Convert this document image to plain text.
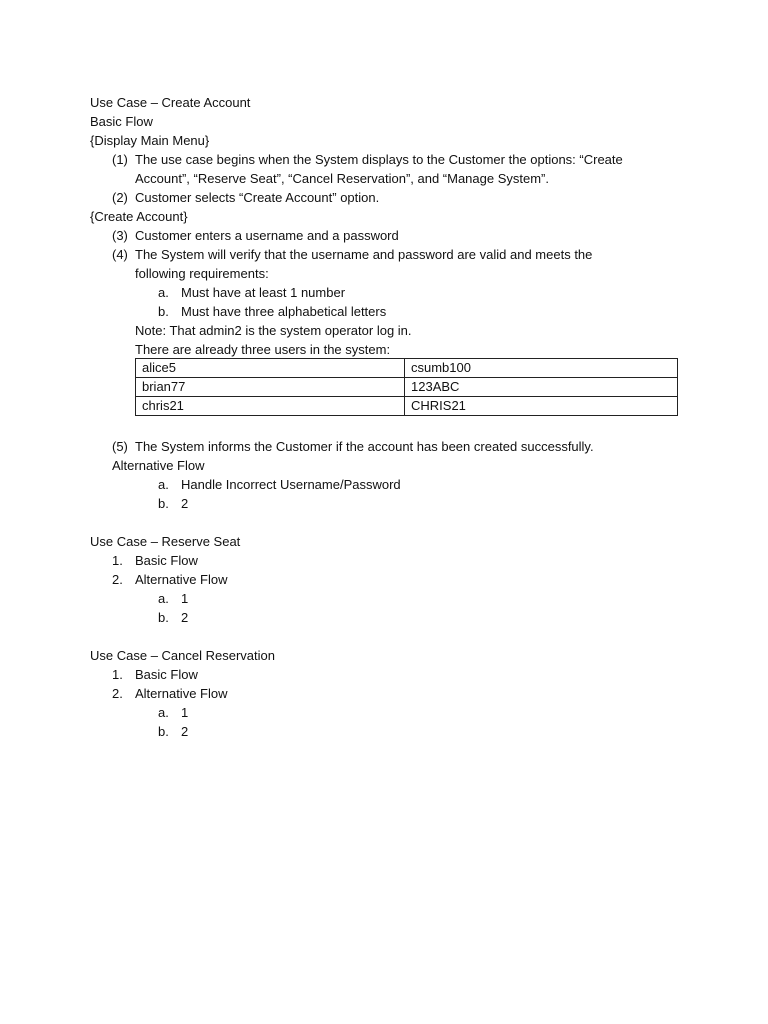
Use Case – Create Account
Basic Flow
{Display Main Menu}
(1) The use case begins when the System displays to the Customer the options: “Create
Account”, “Reserve Seat”, “Cancel Reservation”, and “Manage System”.
(2) Customer selects “Create Account” option.
{Create Account}
(3) Customer enters a username and a password
(4) The System will verify that the username and password are valid and meets the
following requirements:
a. Must have at least 1 number
b. Must have three alphabetical letters
Note: That admin2 is the system operator log in.
There are already three users in the system:
alice5	csumb100
brian77	123ABC
chris21	CHRIS21
(5) The System informs the Customer if the account has been created successfully.
Alternative Flow
a. Handle Incorrect Username/Password
b. 2
Use Case – Reserve Seat
1. Basic Flow
2. Alternative Flow
a. 1
b. 2
Use Case – Cancel Reservation
1. Basic Flow
2. Alternative Flow
a. 1
b. 2
